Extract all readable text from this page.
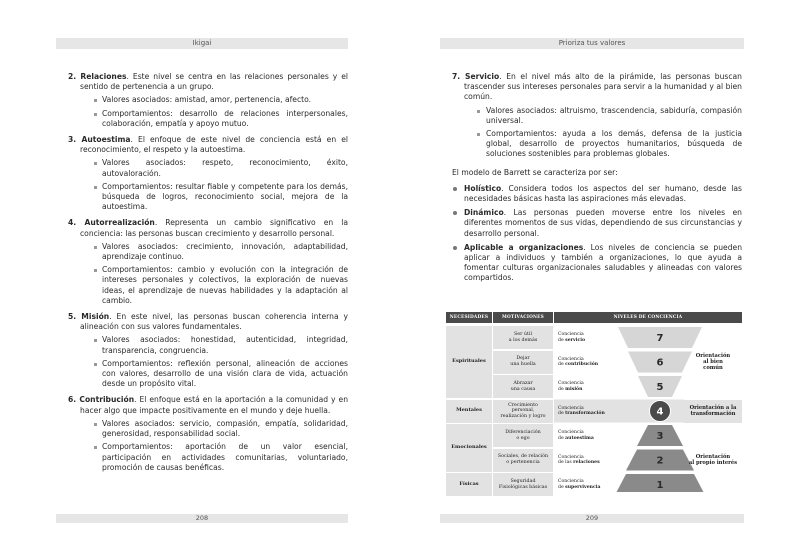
Ikigai

2. Relaciones. Este nivel se centra en las relaciones personales y el sentido de pertenencia a un grupo.

Valores asociados: amistad, amor, pertenencia, afecto.
Comportamientos: desarrollo de relaciones interpersonales, colaboración, empatía y apoyo mutuo.

3. Autoestima. El enfoque de este nivel de conciencia está en el reconocimiento, el respeto y la autoestima.

Valores asociados: respeto, reconocimiento, éxito, autovaloración.
Comportamientos: resultar fiable y competente para los demás, búsqueda de logros, reconocimiento social, mejora de la autoestima.

4. Autorrealización. Representa un cambio significativo en la conciencia: las personas buscan crecimiento y desarrollo personal.

Valores asociados: crecimiento, innovación, adaptabilidad, aprendizaje continuo.
Comportamientos: cambio y evolución con la integración de intereses personales y colectivos, la exploración de nuevas ideas, el aprendizaje de nuevas habilidades y la adaptación al cambio.

5. Misión. En este nivel, las personas buscan coherencia interna y alineación con sus valores fundamentales.

Valores asociados: honestidad, autenticidad, integridad, transparencia, congruencia.
Comportamientos: reflexión personal, alineación de acciones con valores, desarrollo de una visión clara de vida, actuación desde un propósito vital.

6. Contribución. El enfoque está en la aportación a la comunidad y en hacer algo que impacte positivamente en el mundo y deje huella.

Valores asociados: servicio, compasión, empatía, solidaridad, generosidad, responsabilidad social.
Comportamientos: aportación de un valor esencial, participación en actividades comunitarias, voluntariado, promoción de causas benéficas.
208
Prioriza tus valores

7. Servicio. En el nivel más alto de la pirámide, las personas buscan trascender sus intereses personales para servir a la humanidad y al bien común.

Valores asociados: altruismo, trascendencia, sabiduría, compasión universal.
Comportamientos: ayuda a los demás, defensa de la justicia global, desarrollo de proyectos humanitarios, búsqueda de soluciones sostenibles para problemas globales.

El modelo de Barrett se caracteriza por ser:

Holístico. Considera todos los aspectos del ser humano, desde las necesidades básicas hasta las aspiraciones más elevadas.
Dinámico. Las personas pueden moverse entre los niveles en diferentes momentos de sus vidas, dependiendo de sus circunstancias y desarrollo personal.
Aplicable a organizaciones. Los niveles de conciencia se pueden aplicar a individuos y también a organizaciones, lo que ayuda a fomentar culturas organizacionales saludables y alineadas con valores compartidos.
7
6
5
4
3
2
1
NECESIDADES	MOTIVACIONES	NIVELES DE CONCIENCIA
Espirituales
Mentales
Emocionales
Físicas
Ser útil
a los demás
Conciencia
de servicio
Dejar
una huella
Conciencia
de contribución
Abrazar
una causa
Conciencia
de misión
Crecimiento
personal,
realización y logro
Conciencia
de transformación
Diferenciación
o ego
Conciencia
de autoestima
Sociales, de relación
o pertenencia
Conciencia
de las relaciones
Seguridad
Fisiológicas básicas
Conciencia
de supervivencia
Orientación
al bien
común
Orientación a la
transformación
Orientación
al propio interés
209
